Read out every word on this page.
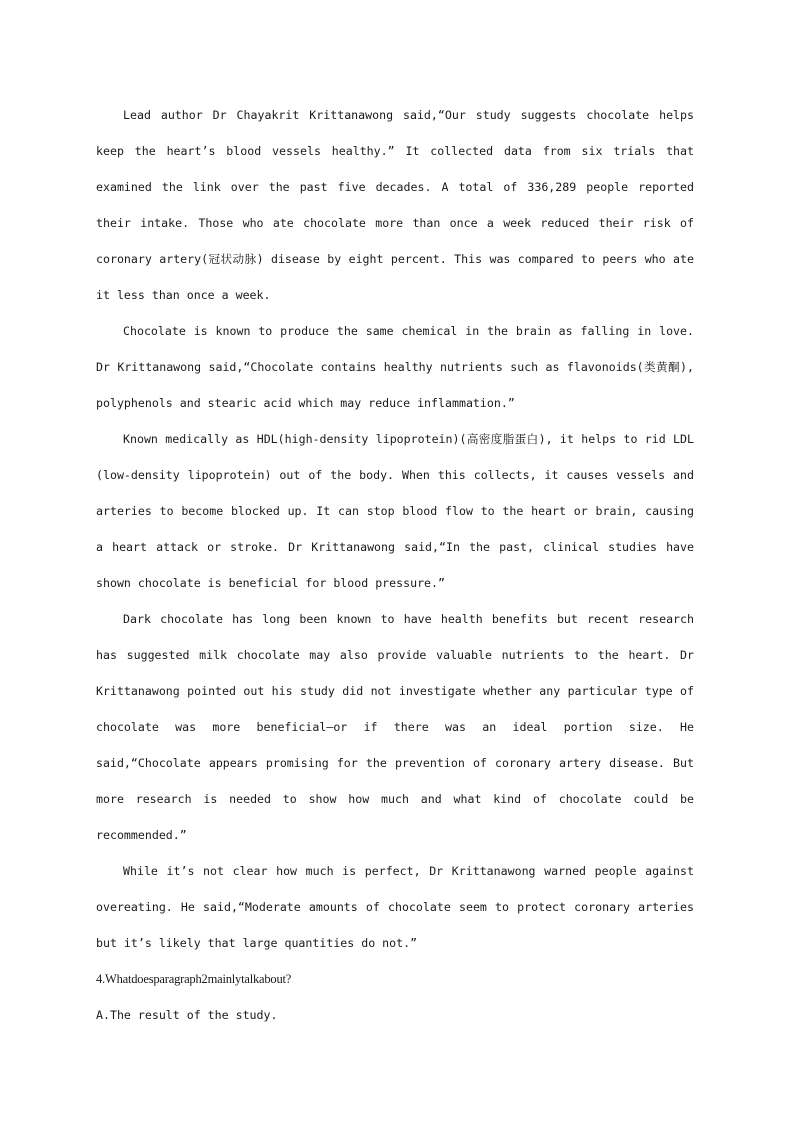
Lead author Dr Chayakrit Krittanawong said,“Our study suggests chocolate helps keep the heart’s blood vessels healthy.” It collected data from six trials that examined the link over the past five decades. A total of 336,289 people reported their intake. Those who ate chocolate more than once a week reduced their risk of coronary artery(冠状动脉) disease by eight percent. This was compared to peers who ate it less than once a week.

Chocolate is known to produce the same chemical in the brain as falling in love. Dr Krittanawong said,“Chocolate contains healthy nutrients such as flavonoids(类黄酮), polyphenols and stearic acid which may reduce inflammation.”

Known medically as HDL(high-density lipoprotein)(高密度脂蛋白), it helps to rid LDL (low-density lipoprotein) out of the body. When this collects, it causes vessels and arteries to become blocked up. It can stop blood flow to the heart or brain, causing a heart attack or stroke. Dr Krittanawong said,“In the past, clinical studies have shown chocolate is beneficial for blood pressure.”

Dark chocolate has long been known to have health benefits but recent research has suggested milk chocolate may also provide valuable nutrients to the heart. Dr Krittanawong pointed out his study did not investigate whether any particular type of chocolate was more beneficial—or if there was an ideal portion size. He said,“Chocolate appears promising for the prevention of coronary artery disease. But more research is needed to show how much and what kind of chocolate could be recommended.”

While it’s not clear how much is perfect, Dr Krittanawong warned people against overeating. He said,“Moderate amounts of chocolate seem to protect coronary arteries but it’s likely that large quantities do not.”

4.Whatdoesparagraph2mainlytalkabout?

A.The result of the study.
